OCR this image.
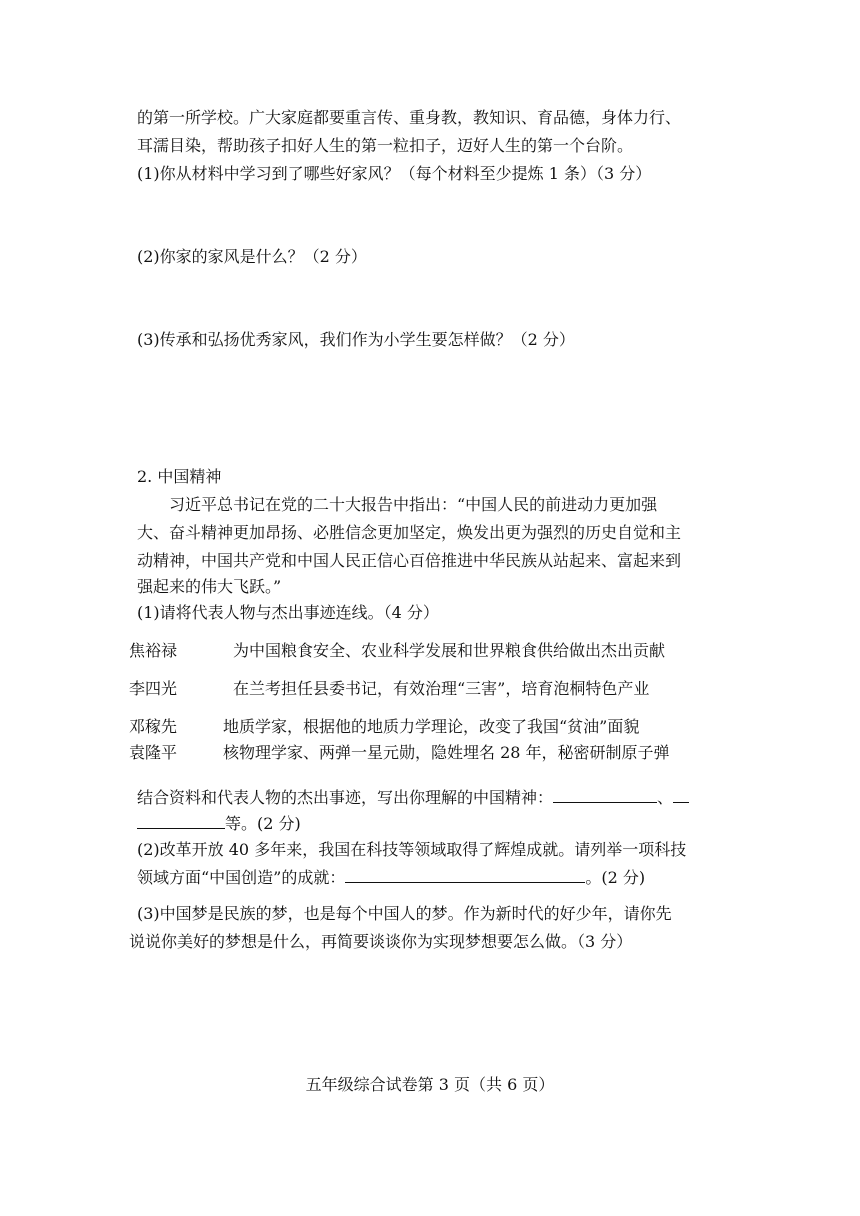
的第一所学校。广大家庭都要重言传、重身教，教知识、育品德，身体力行、
耳濡目染，帮助孩子扣好人生的第一粒扣子，迈好人生的第一个台阶。
(1)你从材料中学习到了哪些好家风？（每个材料至少提炼 1 条）（3 分）
(2)你家的家风是什么？（2 分）
(3)传承和弘扬优秀家风，我们作为小学生要怎样做？（2 分）
2. 中国精神
习近平总书记在党的二十大报告中指出：“中国人民的前进动力更加强
大、奋斗精神更加昂扬、必胜信念更加坚定，焕发出更为强烈的历史自觉和主
动精神，中国共产党和中国人民正信心百倍推进中华民族从站起来、富起来到
强起来的伟大飞跃。”
(1)请将代表人物与杰出事迹连线。（4 分）
焦裕禄	为中国粮食安全、农业科学发展和世界粮食供给做出杰出贡献
李四光	在兰考担任县委书记，有效治理“三害”，培育泡桐特色产业
邓稼先	地质学家，根据他的地质力学理论，改变了我国“贫油”面貌
袁隆平	核物理学家、两弹一星元勋，隐姓埋名 28 年，秘密研制原子弹
结合资料和代表人物的杰出事迹，写出你理解的中国精神：	、
等。(2 分)
(2)改革开放 40 多年来，我国在科技等领域取得了辉煌成就。请列举一项科技
领域方面“中国创造”的成就：	。(2 分)
(3)中国梦是民族的梦，也是每个中国人的梦。作为新时代的好少年，请你先
说说你美好的梦想是什么，再简要谈谈你为实现梦想要怎么做。（3 分）
五年级综合试卷第 3 页（共 6 页）
